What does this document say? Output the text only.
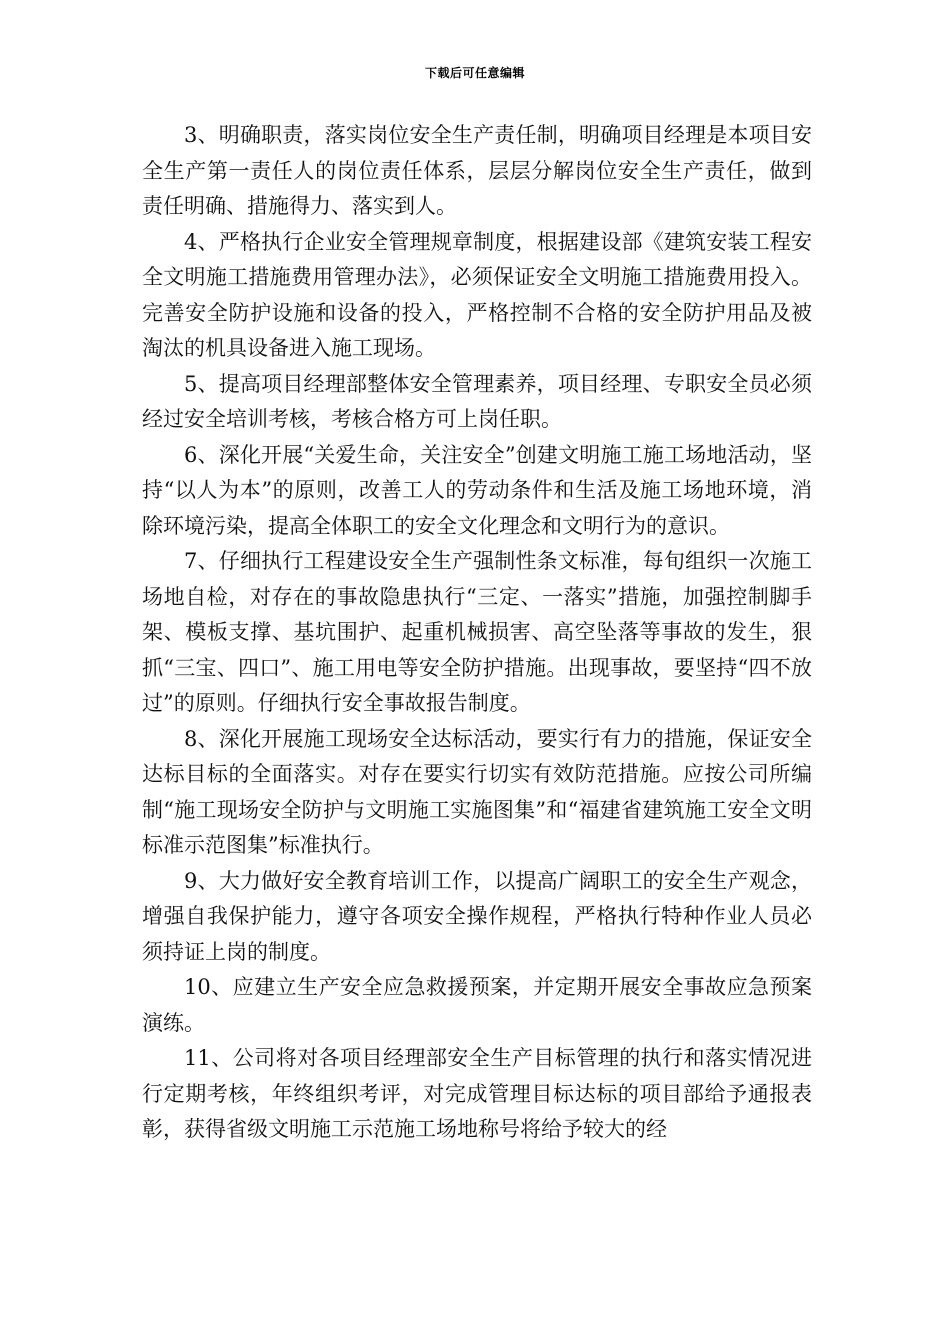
下载后可任意编辑

3、明确职责，落实岗位安全生产责任制，明确项目经理是本项目安全生产第一责任人的岗位责任体系，层层分解岗位安全生产责任，做到责任明确、措施得力、落实到人。

4、严格执行企业安全管理规章制度，根据建设部《建筑安装工程安全文明施工措施费用管理办法》，必须保证安全文明施工措施费用投入。完善安全防护设施和设备的投入，严格控制不合格的安全防护用品及被淘汰的机具设备进入施工现场。

5、提高项目经理部整体安全管理素养，项目经理、专职安全员必须经过安全培训考核，考核合格方可上岗任职。

6、深化开展“关爱生命，关注安全”创建文明施工施工场地活动，坚持“以人为本”的原则，改善工人的劳动条件和生活及施工场地环境，消除环境污染，提高全体职工的安全文化理念和文明行为的意识。

7、仔细执行工程建设安全生产强制性条文标准，每旬组织一次施工场地自检，对存在的事故隐患执行“三定、一落实”措施，加强控制脚手架、模板支撑、基坑围护、起重机械损害、高空坠落等事故的发生，狠抓“三宝、四口”、施工用电等安全防护措施。出现事故，要坚持“四不放过”的原则。仔细执行安全事故报告制度。

8、深化开展施工现场安全达标活动，要实行有力的措施，保证安全达标目标的全面落实。对存在要实行切实有效防范措施。应按公司所编制“施工现场安全防护与文明施工实施图集”和“福建省建筑施工安全文明标准示范图集”标准执行。

9、大力做好安全教育培训工作，以提高广阔职工的安全生产观念，增强自我保护能力，遵守各项安全操作规程，严格执行特种作业人员必须持证上岗的制度。

10、应建立生产安全应急救援预案，并定期开展安全事故应急预案演练。

11、公司将对各项目经理部安全生产目标管理的执行和落实情况进行定期考核，年终组织考评，对完成管理目标达标的项目部给予通报表彰，获得省级文明施工示范施工场地称号将给予较大的经
